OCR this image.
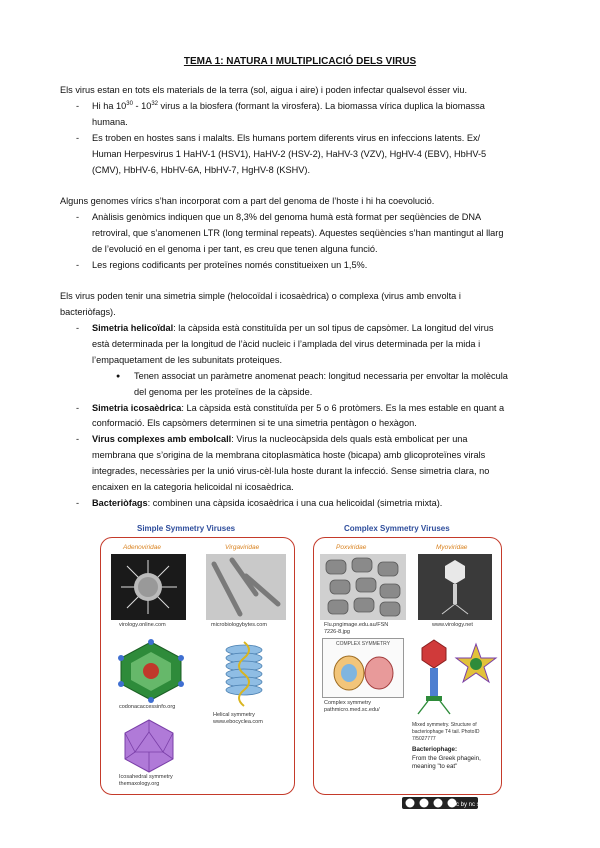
TEMA 1: NATURA I MULTIPLICACIÓ DELS VIRUS

Els virus estan en tots els materials de la terra (sol, aigua i aire) i poden infectar qualsevol ésser viu.

- Hi ha $10^{30} - 10^{32}$ virus a la biosfera (formant la virosfera). La biomassa vírica duplica la biomassa humana.
- Es troben en hostes sans i malalts. Els humans portem diferents virus en infeccions latents. Ex/ Human Herpesvirus 1 HaHV-1 (HSV1), HaHV-2 (HSV-2), HaHV-3 (VZV), HgHV-4 (EBV), HbHV-5 (CMV), HbHV-6, HbHV-6A, HbHV-7, HgHV-8 (KSHV).

Alguns genomes vírics s’han incorporat com a part del genoma de l’hoste i hi ha coevolució.

- Anàlisis genòmics indiquen que un 8,3% del genoma humà està format per seqüències de DNA retroviral, que s’anomenen LTR (long terminal repeats). Aquestes seqüències s’han mantingut al llarg de l’evolució en el genoma i per tant, es creu que tenen alguna funció.
- Les regions codificants per proteïnes només constitueixen un 1,5%.

Els virus poden tenir una simetria simple (helocoïdal i icosaèdrica) o complexa (virus amb envolta i bacteriòfags).

- Simetria helicoïdal: la càpsida està constituïda per un sol tipus de capsòmer. La longitud del virus està determinada per la longitud de l’àcid nucleic i l’amplada del virus determinada per la mida i l’empaquetament de les subunitats proteiques.
● Tenen associat un paràmetre anomenat peach: longitud necessaria per envoltar la molècula del genoma per les proteïnes de la càpside.
- Simetria icosaèdrica: La càpsida està constituïda per 5 o 6 protòmers. Es la mes estable en quant a conformació. Els capsòmers determinen si te una simetria pentàgon o hexàgon.
- Virus complexes amb embolcall: Virus la nucleocàpsida dels quals està embolicat per una membrana que s’origina de la membrana citoplasmàtica hoste (bicapa) amb glicoproteïnes virals integrades, necessàries per la unió virus-cèl·lula hoste durant la infecció. Sense simetria clara, no encaixen en la categoria helicoidal ni icosaèdrica.
- Bacteriòfags: combinen una càpsida icosaèdrica i una cua helicoidal (simetria mixta).
Simple Symmetry Viruses
Adenoviridae	Virgaviridae
virology.online.com	microbiologybytes.com
codonacaccessinfo.org
Helical symmetry
www.ebocyclea.com
Icosahedral symmetry
themaxology.org
Complex Symmetry Viruses
Poxviridae	Myoviridae
Flu.pngimage.edu.au/FSN
7226-8.jpg
www.virology.net
COMPLEX SYMMETRY
Complex symmetry
pathmicro.med.sc.edu/
Mixed symmetry. Structure of
bacteriophage T4 tail. PhotoID
7/5027777
Bacteriophage:
From the Greek phagein,
meaning "to eat"
cc by nc sa
